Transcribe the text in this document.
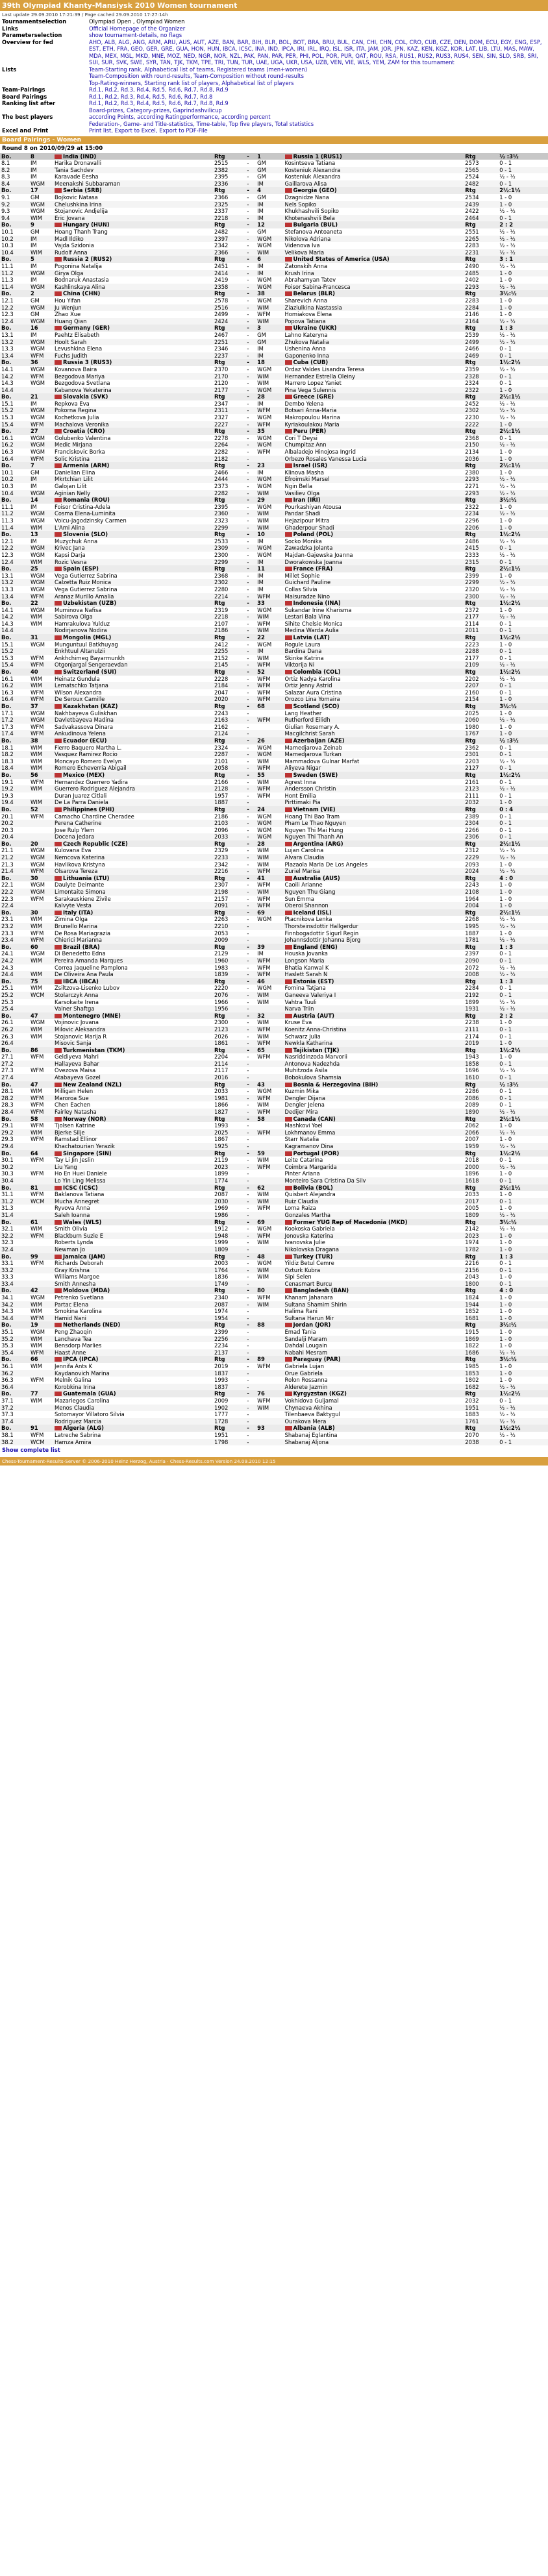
39th Olympiad Khanty-Mansiysk 2010 Women tournament
Last update 29.09.2010 17:21:39 / Page cached 29.09.2010 17:27:14h
Tournamentselection	Olympiad Open , Olympiad Women
Links	Official Homepage of the Organizer
Parameterselection	show tournament-details, no flags
Overview for fed	AHO, ALB, ALG, ANG, ARM, ARU, AUS, AUT, AZE, BAN, BAR, BIH, BLR, BOL, BOT, BRA, BRU, BUL, CAN, CHI, CHN, COL, CRO, CUB, CZE, DEN, DOM, ECU, EGY, ENG, ESP, EST, ETH, FRA, GEO, GER, GRE, GUA, HON, HUN, IBCA, ICSC, INA, IND, IPCA, IRI, IRL, IRQ, ISL, ISR, ITA, JAM, JOR, JPN, KAZ, KEN, KGZ, KOR, LAT, LIB, LTU, MAS, MAW, MDA, MEX, MGL, MKD, MNE, MOZ, NED, NGR, NOR, NZL, PAK, PAN, PAR, PER, PHI, POL, POR, PUR, QAT, ROU, RSA, RUS1, RUS2, RUS3, RUS4, SEN, SIN, SLO, SRB, SRI, SUI, SUR, SVK, SWE, SYR, TAN, TJK, TKM, TPE, TRI, TUN, TUR, UAE, UGA, UKR, USA, UZB, VEN, VIE, WLS, YEM, ZAM for this tournament
Lists	Team-Starting rank, Alphabetical list of teams, Registered teams (men+women)
	Team-Composition with round-results, Team-Composition without round-results
	Top-Rating-winners, Starting rank list of players, Alphabetical list of players
Team-Pairings	Rd.1, Rd.2, Rd.3, Rd.4, Rd.5, Rd.6, Rd.7, Rd.8, Rd.9
Board Pairings	Rd.1, Rd.2, Rd.3, Rd.4, Rd.5, Rd.6, Rd.7, Rd.8
Ranking list after	Rd.1, Rd.2, Rd.3, Rd.4, Rd.5, Rd.6, Rd.7, Rd.8, Rd.9
	Board-prizes, Category-prizes, Gaprindashvilicup
The best players	according Points, according Ratingperformance, according percent
	Federation-, Game- and Title-statistics, Time-table, Top five players, Total statistics
Excel and Print	Print list, Export to Excel, Export to PDF-File
Board Pairings - Women
Round 8 on 2010/09/29 at 15:00
Bo.	8	India (IND)	Rtg	-	1	Russia 1 (RUS1)	Rtg	½ :3½
8.1	IM	Harika Dronavalli	2515	-	GM	Kosintseva Tatiana	2573	0 - 1
8.2	IM	Tania Sachdev	2382	-	GM	Kosteniuk Alexandra	2565	0 - 1
8.3	IM	Karavade Eesha	2395	-	GM	Kosteniuk Alexandra	2524	½ - ½
8.4	WGM	Meenakshi Subbaraman	2336	-	IM	Gaillarova Alisa	2482	0 - 1
Bo.	17	Serbia (SRB)	Rtg	-	4	Georgia (GEO)	Rtg	2½:1½
9.1	GM	Bojkovic Natasa	2366	-	GM	Dzagnidze Nana	2534	1 - 0
9.2	WGM	Chelushkina Irina	2325	-	IM	Nels Sopiko	2439	1 - 0
9.3	WGM	Stojanovic Andjelija	2337	-	IM	Khukhashvili Sopiko	2422	½ - ½
9.4	WIM	Eric Jovana	2218	-	IM	Khotenashvili Bela	2464	0 - 1
Bo.	9	Hungary (HUN)	Rtg	-	12	Bulgaria (BUL)	Rtg	2 : 2
10.1	GM	Hoang Thanh Trang	2482	-	GM	Stefanova Antoaneta	2551	½ - ½
10.2	IM	Madl Ildiko	2397	-	WGM	Nikolova Adriana	2265	½ - ½
10.3	IM	Vajda Szidonia	2342	-	WGM	Videnova Iva	2283	½ - ½
10.4	WIM	Rudolf Anna	2366	-	WIM	Velikova Maria	2231	½ - ½
Bo.	5	Russia 2 (RUS2)	Rtg	-	6	United States of America (USA)	Rtg	3 : 1
11.1	IM	Pogonina Natalija	2451	-	IM	Zatonskih Anna	2490	½ - ½
11.2	WGM	Girya Olga	2414	-	IM	Krush Irina	2485	1 - 0
11.3	IM	Bodnaruk Anastasia	2419	-	WGM	Abrahamyan Tatev	2402	1 - 0
11.4	WGM	Kashlinskaya Alina	2358	-	WGM	Foisor Sabina-Francesca	2293	½ - ½
Bo.	2	China (CHN)	Rtg	-	38	Belarus (BLR)	Rtg	3½:½
12.1	GM	Hou Yifan	2578	-	WGM	Sharevich Anna	2283	1 - 0
12.2	WGM	Ju Wenjun	2516	-	WIM	Ziaziulkina Nastassia	2284	1 - 0
12.3	GM	Zhao Xue	2499	-	WFM	Homiakova Elena	2146	1 - 0
12.4	WGM	Huang Qian	2424	-	WIM	Popova Tatiana	2164	½ - ½
Bo.	16	Germany (GER)	Rtg	-	3	Ukraine (UKR)	Rtg	1 : 3
13.1	IM	Paehtz Elisabeth	2467	-	GM	Lahno Kateryna	2539	½ - ½
13.2	WGM	Hoolt Sarah	2251	-	GM	Zhukova Natalia	2499	½ - ½
13.3	WGM	Levushkina Elena	2346	-	IM	Ushenina Anna	2466	0 - 1
13.4	WFM	Fuchs Judith	2237	-	IM	Gaponenko Inna	2469	0 - 1
Bo.	36	Russia 3 (RUS3)	Rtg	-	18	Cuba (CUB)	Rtg	1½:2½
14.1	WGM	Kovanova Baira	2370	-	WGM	Ordaz Valdes Lisandra Teresa	2359	½ - ½
14.2	WFM	Bezgodova Mariya	2170	-	WIM	Hernandez Estrella Oleiny	2328	0 - 1
14.3	WGM	Bezgodova Svetlana	2120	-	WIM	Marrero Lopez Yaniet	2324	0 - 1
14.4		Kabanova Yekaterina	2177	-	WGM	Pina Vega Sulennis	2322	1 - 0
Bo.	21	Slovakia (SVK)	Rtg	-	28	Greece (GRE)	Rtg	2½:1½
15.1	IM	Repkova Eva	2347	-	IM	Dembo Yelena	2452	½ - ½
15.2	WGM	Pokorna Regina	2311	-	WFM	Botsari Anna-Maria	2302	½ - ½
15.3	WGM	Kochetkova Julia	2327	-	WGM	Makropoulou Marina	2230	½ - ½
15.4	WFM	Machalova Veronika	2227	-	WFM	Kyriakoulakou Maria	2222	1 - 0
Bo.	27	Croatia (CRO)	Rtg	-	35	Peru (PER)	Rtg	2½:1½
16.1	WGM	Golubenko Valentina	2278	-	WGM	Cori T Deysi	2368	0 - 1
16.2	WGM	Medic Mirjana	2264	-	WGM	Chumpitaz Ann	2150	½ - ½
16.3	WGM	Franciskovic Borka	2282	-	WFM	Albaladejo Hinojosa Ingrid	2134	1 - 0
16.4	WFM	Solic Kristina	2182	-		Orbezo Rosales Vanessa Lucia	2036	1 - 0
Bo.	7	Armenia (ARM)	Rtg	-	23	Israel (ISR)	Rtg	2½:1½
10.1	GM	Danielian Elina	2466	-	IM	Klinova Masha	2380	1 - 0
10.2	IM	Mkrtchian Lilit	2444	-	WGM	Efroimski Marsel	2293	½ - ½
10.3	IM	Galojan Lilit	2373	-	WGM	Ngin Bella	2271	½ - ½
10.4	WGM	Aginian Nelly	2282	-	WIM	Vasiliev Olga	2293	½ - ½
Bo.	14	Romania (ROU)	Rtg	-	29	Iran (IRI)	Rtg	3½:½
11.1	IM	Foisor Cristina-Adela	2395	-	WGM	Pourkashiyan Atousa	2322	1 - 0
11.2	WGM	Cosma Elena-Luminita	2360	-	WIM	Pandar Shadi	2234	½ - ½
11.3	WGM	Voicu-Jagodzinsky Carmen	2323	-	WIM	Hejazipour Mitra	2296	1 - 0
11.4	WIM	L'Ami Alina	2299	-	WIM	Ghaderpour Shadi	2206	1 - 0
Bo.	13	Slovenia (SLO)	Rtg	-	10	Poland (POL)	Rtg	1½:2½
12.1	IM	Muzychuk Anna	2533	-	IM	Socko Monika	2486	½ - ½
12.2	WGM	Krivec Jana	2309	-	WGM	Zawadzka Jolanta	2415	0 - 1
12.3	WGM	Kapsi Darja	2300	-	WGM	Majdan-Gajewska Joanna	2333	½ - ½
12.4	WIM	Rozic Vesna	2299	-	IM	Dworakowska Joanna	2315	0 - 1
Bo.	25	Spain (ESP)	Rtg	-	11	France (FRA)	Rtg	2½:1½
13.1	WGM	Vega Gutierrez Sabrina	2368	-	IM	Millet Sophie	2399	1 - 0
13.2	WGM	Calzetta Ruiz Monica	2302	-	IM	Guichard Pauline	2299	½ - ½
13.3	WGM	Vega Gutierrez Sabrina	2280	-	IM	Collas Silvia	2320	½ - ½
13.4	WFM	Aranaz Murillo Amalia	2214	-	WFM	Maisuradze Nino	2300	½ - ½
Bo.	22	Uzbekistan (UZB)	Rtg	-	33	Indonesia (INA)	Rtg	1½:2½
14.1	WGM	Muminova Nafisa	2319	-	WGM	Sukandar Irine Kharisma	2372	1 - 0
14.2	WIM	Sabirova Olga	2218	-	WIM	Lestari Bala Vina	2177	½ - ½
14.3	WIM	Hamrakulova Yulduz	2107	-	WFM	Sihite Chelsie Monica	2114	0 - 1
14.4		Nodirjanova Nodira	2186	-	WIM	Medina Warda Aulia	2011	0 - 1
Bo.	31	Mongolia (MGL)	Rtg	-	22	Latvia (LAT)	Rtg	1½:2½
15.1	WGM	Munguntuul Batkhuyag	2412	-	WGM	Rogule Laura	2223	1 - 0
15.2		Enkhtuul Altanulzii	2255	-	IM	Bardina Dana	2288	0 - 1
15.3	WFM	Ankhchimeg Bayarmunkh	2152	-	WIM	Skinke Katrina	2177	0 - 1
15.4	WFM	Otgonjargal Sengeraevdan	2145	-	WFM	Viktorija Ni	2109	½ - ½
Bo.	40	Switzerland (SUI)	Rtg	-	52	Colombia (COL)	Rtg	1½:2½
16.1	WIM	Heinatz Gundula	2228	-	WFM	Ortiz Nadya Karolina	2202	½ - ½
16.2	WIM	Lematschko Tatjana	2184	-	WFM	Ortiz Jenny Astrid	2207	0 - 1
16.3	WFM	Wilson Alexandra	2047	-	WFM	Salazar Aura Cristina	2160	0 - 1
16.4	WFM	De Seroux Camille	2020	-	WFM	Orozco Lina Yomaira	2154	1 - 0
Bo.	37	Kazakhstan (KAZ)	Rtg	-	68	Scotland (SCO)	Rtg	3½:½
17.1	WGM	Nakhbayeva Guliskhan	2243	-		Lang Heather	2025	1 - 0
17.2	WGM	Davletbayeva Madina	2163	-	WFM	Rutherford Eilidh	2060	½ - ½
17.3	WFM	Sadvakassova Dinara	2162	-		Giulian Rosemary A.	1980	1 - 0
17.4	WFM	Ankudinova Yelena	2124	-		Macgilchrist Sarah	1767	1 - 0
Bo.	38	Ecuador (ECU)	Rtg	-	26	Azerbaijan (AZE)	Rtg	½ :3½
18.1	WIM	Fierro Baquero Martha L.	2324	-	WGM	Mamedjarova Zeinab	2362	0 - 1
18.2	WIM	Vasquez Ramirez Rocio	2287	-	WGM	Mamedjarova Turkan	2301	0 - 1
18.3	WIM	Moncayo Romero Evelyn	2101	-	WIM	Mammadova Gulnar Marfat	2203	½ - ½
18.4	WIM	Romero Echeverria Abigail	2058	-	WFM	Aliyeva Nigar	2127	0 - 1
Bo.	56	Mexico (MEX)	Rtg	-	55	Sweden (SWE)	Rtg	1½:2½
19.1	WFM	Hernandez Guerrero Yadira	2166	-	WIM	Agrest Inna	2161	0 - 1
19.2	WIM	Guerrero Rodriguez Alejandra	2128	-	WFM	Andersson Christin	2123	½ - ½
19.3		Duran Juarez Citlali	1957	-	WFM	Hont Emilia	2111	0 - 1
19.4	WIM	De La Parra Daniela	1887	-		Pirttimaki Pia	2032	1 - 0
Bo.	52	Philippines (PHI)	Rtg	-	24	Vietnam (VIE)	Rtg	0 : 4
20.1	WFM	Camacho Chardine Cheradee	2186	-	WGM	Hoang Thi Bao Tram	2389	0 - 1
20.2		Perena Catherine	2103	-	WGM	Pham Le Thao Nguyen	2304	0 - 1
20.3		Jose Rulp Ylem	2096	-	WGM	Nguyen Thi Mai Hung	2266	0 - 1
20.4		Docena Jedara	2033	-	WGM	Nguyen Thi Thanh An	2306	0 - 1
Bo.	20	Czech Republic (CZE)	Rtg	-	28	Argentina (ARG)	Rtg	2½:1½
21.1	WGM	Kulovana Eva	2329	-	WIM	Lujan Carolina	2312	½ - ½
21.2	WGM	Nemcova Katerina	2233	-	WIM	Alvara Claudia	2229	½ - ½
21.3	WGM	Havlikova Kristyna	2342	-	WIM	Plazaola Maria De Los Angeles	2093	1 - 0
21.4	WFM	Olsarova Tereza	2216	-	WFM	Zuriel Marisa	2024	½ - ½
Bo.	30	Lithuania (LTU)	Rtg	-	41	Australia (AUS)	Rtg	4 : 0
22.1	WGM	Daulyte Deimante	2307	-	WFM	Caoili Arianne	2243	1 - 0
22.2	WGM	Limontaite Simona	2198	-	WIM	Nguyen Thu Giang	2108	1 - 0
22.3	WFM	Sarakauskiene Zivile	2157	-	WFM	Sun Emma	1964	1 - 0
22.4		Kalvyte Vesta	2091	-	WFM	Oberoi Shannon	2004	1 - 0
Bo.	30	Italy (ITA)	Rtg	-	69	Iceland (ISL)	Rtg	2½:1½
23.1	WIM	Zimina Olga	2263	-	WGM	Ptacnikova Lenka	2268	½ - ½
23.2	WIM	Brunello Marina	2210	-		Thorsteinsdottir Hallgerdur	1995	½ - ½
23.3	WFM	De Rosa Mariagrazia	2053	-		Finnbogadottir Sigurl Regin	1887	1 - 0
23.4	WFM	Chierici Marianna	2009	-		Johannsdottir Johanna Bjorg	1781	½ - ½
Bo.	60	Brazil (BRA)	Rtg	-	39	England (ENG)	Rtg	1 : 3
24.1	WGM	Di Benedetto Edna	2129	-	IM	Houska Jovanka	2397	0 - 1
24.2	WIM	Pereira Amanda Marques	1960	-	WFM	Longson Maria	2090	0 - 1
24.3		Correa Jaqueline Pamplona	1983	-	WFM	Bhatia Kanwal K	2072	½ - ½
24.4	WIM	De Oliveira Ana Paula	1839	-	WFM	Haslett Sarah N	2008	½ - ½
Bo.	75	IBCA (IBCA)	Rtg	-	46	Estonia (EST)	Rtg	1 : 3
25.1	WIM	Zsiltzova-Lisenko Lubov	2220	-	WGM	Fomina Tatjana	2284	0 - 1
25.2	WCM	Stolarczyk Anna	2076	-	WIM	Ganeeva Valeriya I	2192	0 - 1
25.3		Karsokaite Irena	1966	-	WIM	Vahtra Tuuli	1899	½ - ½
25.4		Valner Shaftga	1956	-		Narva Triin	1931	½ - ½
Bo.	47	Montenegro (MNE)	Rtg	-	32	Austria (AUT)	Rtg	2 : 2
26.1	WGM	Vojinovic Jovana	2300	-	WIM	Kruse Eva	2238	1 - 0
26.2	WIM	Milovic Aleksandra	2123	-	WFM	Koenitz Anna-Christina	2111	0 - 1
26.3	WIM	Stojanovic Marija R	2026	-	WIM	Schwarz Julia	2174	0 - 1
26.4		Misovic Sanja	1861	-	WFM	Newkla Katharina	2019	1 - 0
Bo.	86	Turkmenistan (TKM)	Rtg	-	65	Tajikistan (TJK)	Rtg	1½:2½
27.1	WFM	Geldiyeva Mahri	2204	-	WFM	Nasriddinzoda Marvorii	1943	1 - 0
27.2		Hallayeva Bahar	2114	-		Antonova Nadezhda	1858	0 - 1
27.3	WFM	Ovezova Maisa	2117	-		Muhitzoda Asila	1696	½ - ½
27.4		Atabayeva Gozel	2016	-		Bobokulova Shamsia	1610	0 - 1
Bo.	47	New Zealand (NZL)	Rtg	-	43	Bosnia & Herzegovina (BIH)	Rtg	½ :3½
28.1	WIM	Milligan Helen	2033	-	WGM	Kuzmin Mika	2286	0 - 1
28.2	WFM	Maroroa Sue	1981	-	WFM	Dengler Dijana	2086	0 - 1
28.3	WFM	Chen Eachen	1866	-	WIM	Dengler Jelena	2089	0 - 1
28.4	WFM	Fairley Natasha	1827	-	WFM	Dedijer Mira	1890	½ - ½
Bo.	58	Norway (NOR)	Rtg	-	58	Canada (CAN)	Rtg	2½:1½
29.1	WFM	Tjolsen Katrine	1993	-		Mashkovi Yoel	2062	1 - 0
29.2	WIM	Bjerke Silje	2025	-	WFM	Lokhmanov Emma	2066	½ - ½
29.3	WFM	Ramstad Ellinor	1867	-		Starr Natalia	2007	1 - 0
29.4		Khachatourian Yerazik	1925	-		Kagramanov Dina	1959	½ - ½
Bo.	64	Singapore (SIN)	Rtg	-	59	Portugal (POR)	Rtg	1½:2½
30.1	WFM	Tay Li Jin Jeslin	2119	-	WIM	Leite Catarina	2018	0 - 1
30.2		Liu Yang	2023	-	WFM	Coimbra Margarida	2000	½ - ½
30.3	WFM	Ho En Huei Daniele	1899	-		Pinter Ariana	1896	1 - 0
30.4		Lo Yin Ling Melissa	1774	-		Monteiro Sara Cristina Da Silv	1618	0 - 1
Bo.	81	ICSC (ICSC)	Rtg	-	62	Bolivia (BOL)	Rtg	2½:1½
31.1	WFM	Baklanova Tatiana	2087	-	WIM	Quisbert Alejandra	2033	1 - 0
31.2	WCM	Mucha Annegret	2030	-	WIM	Ruiz Claudia	2017	0 - 1
31.3		Ryvova Anna	1969	-	WFM	Loma Raiza	2005	1 - 0
31.4		Saleh Ioanna	1986	-		Gonzales Martha	1809	½ - ½
Bo.	61	Wales (WLS)	Rtg	-	69	Former YUG Rep of Macedonia (MKD)	Rtg	3½:½
32.1	WIM	Smith Olivia	1912	-	WGM	Kookoska Gabriela	2142	½ - ½
32.2	WFM	Blackburn Suzie E	1948	-	WFM	Jonovska Katerina	2023	1 - 0
32.3		Roberts Lynda	1999	-	WIM	Ivanovska Julie	1974	1 - 0
32.4		Newman Jo	1809	-		Nikolovska Dragana	1782	1 - 0
Bo.	99	Jamaica (JAM)	Rtg	-	48	Turkey (TUR)	Rtg	1 : 3
33.1	WFM	Richards Deborah	2003	-	WGM	Yildiz Betul Cemre	2216	0 - 1
33.2		Gray Krishna	1764	-	WIM	Ozturk Kubra	2156	0 - 1
33.3		Williams Margoe	1836	-	WIM	Sipi Selen	2043	1 - 0
33.4		Smith Annesha	1749	-		Cenasmart Burcu	1800	0 - 1
Bo.	42	Moldova (MDA)	Rtg	-	80	Bangladesh (BAN)	Rtg	4 : 0
34.1	WGM	Petrenko Svetlana	2340	-	WFM	Khanam Jahanara	1824	1 - 0
34.2	WIM	Partac Elena	2087	-	WIM	Sultana Shamim Shirin	1944	1 - 0
34.3	WIM	Smokina Karolina	1974	-		Halima Rani	1852	1 - 0
34.4	WFM	Hamid Nani	1954	-		Sultana Harun Mir	1681	1 - 0
Bo.	19	Netherlands (NED)	Rtg	-	88	Jordan (JOR)	Rtg	3½:½
35.1	WGM	Peng Zhaoqin	2399	-		Emad Tania	1915	1 - 0
35.2	WIM	Lanchava Tea	2256	-		Sandalji Maram	1869	1 - 0
35.3	WIM	Bensdorp Marlies	2234	-		Dahdal Lougain	1822	1 - 0
35.4	WFM	Haast Anne	2137	-		Nabahi Mesram	1686	½ - ½
Bo.	66	IPCA (IPCA)	Rtg	-	89	Paraguay (PAR)	Rtg	3½:½
36.1	WIM	Jennifa Ants K	2019	-	WFM	Gabriela Lujan	1985	1 - 0
36.2		Kaydanovich Marina	1837	-		Orue Gabriela	1853	1 - 0
36.3	WFM	Melnik Galina	1993	-		Rolon Rossanna	1802	1 - 0
36.4		Korobkina Irina	1837	-		Alderete Jazmin	1682	½ - ½
Bo.	77	Guatemala (GUA)	Rtg	-	76	Kyrgyzstan (KGZ)	Rtg	1½:2½
37.1	WIM	Mazariegos Carolina	2009	-	WFM	Vokhidova Guljamal	2032	0 - 1
37.2		Menos Claudia	1902	-	WIM	Chynaeva Akhina	1951	½ - ½
37.3		Sotomayor Villatoro Silvia	1777	-		Tilenbaeva Baktygul	1883	½ - ½
37.4		Rodriguez Marcia	1728	-		Ourakova Mera	1761	½ - ½
Bo.	91	Algeria (ALG)	Rtg	-	93	Albania (ALB)	Rtg	1½:2½
38.1	WFM	Latreche Sabrina	1951	-		Shabanaj Eglantina	2070	½ - ½
38.2	WCM	Hamza Amira	1798	-		Shabanaj Aljona	2038	0 - 1
Show complete list
Chess-Tournament-Results-Server © 2006-2010 Heinz Herzog, Austria · Chess-Results.com Version 24.09.2010 12:15
